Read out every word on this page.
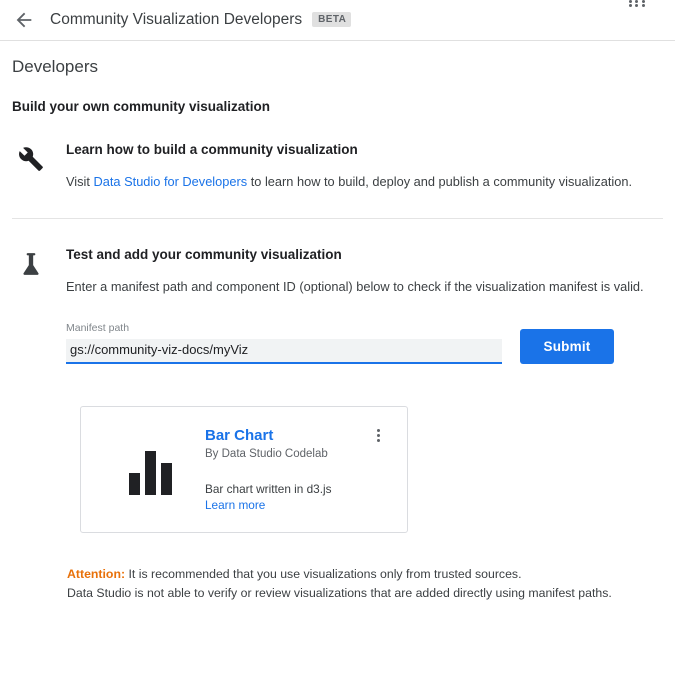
Community Visualization Developers	BETA
Developers
Build your own community visualization
Learn how to build a community visualization

Visit Data Studio for Developers to learn how to build, deploy and publish a community visualization.

Test and add your community visualization

Enter a manifest path and component ID (optional) below to check if the visualization manifest is valid.

Manifest path
gs://community-viz-docs/myViz
Submit
Bar Chart
By Data Studio Codelab
Bar chart written in d3.js
Learn more
Attention: It is recommended that you use visualizations only from trusted sources.
Data Studio is not able to verify or review visualizations that are added directly using manifest paths.
